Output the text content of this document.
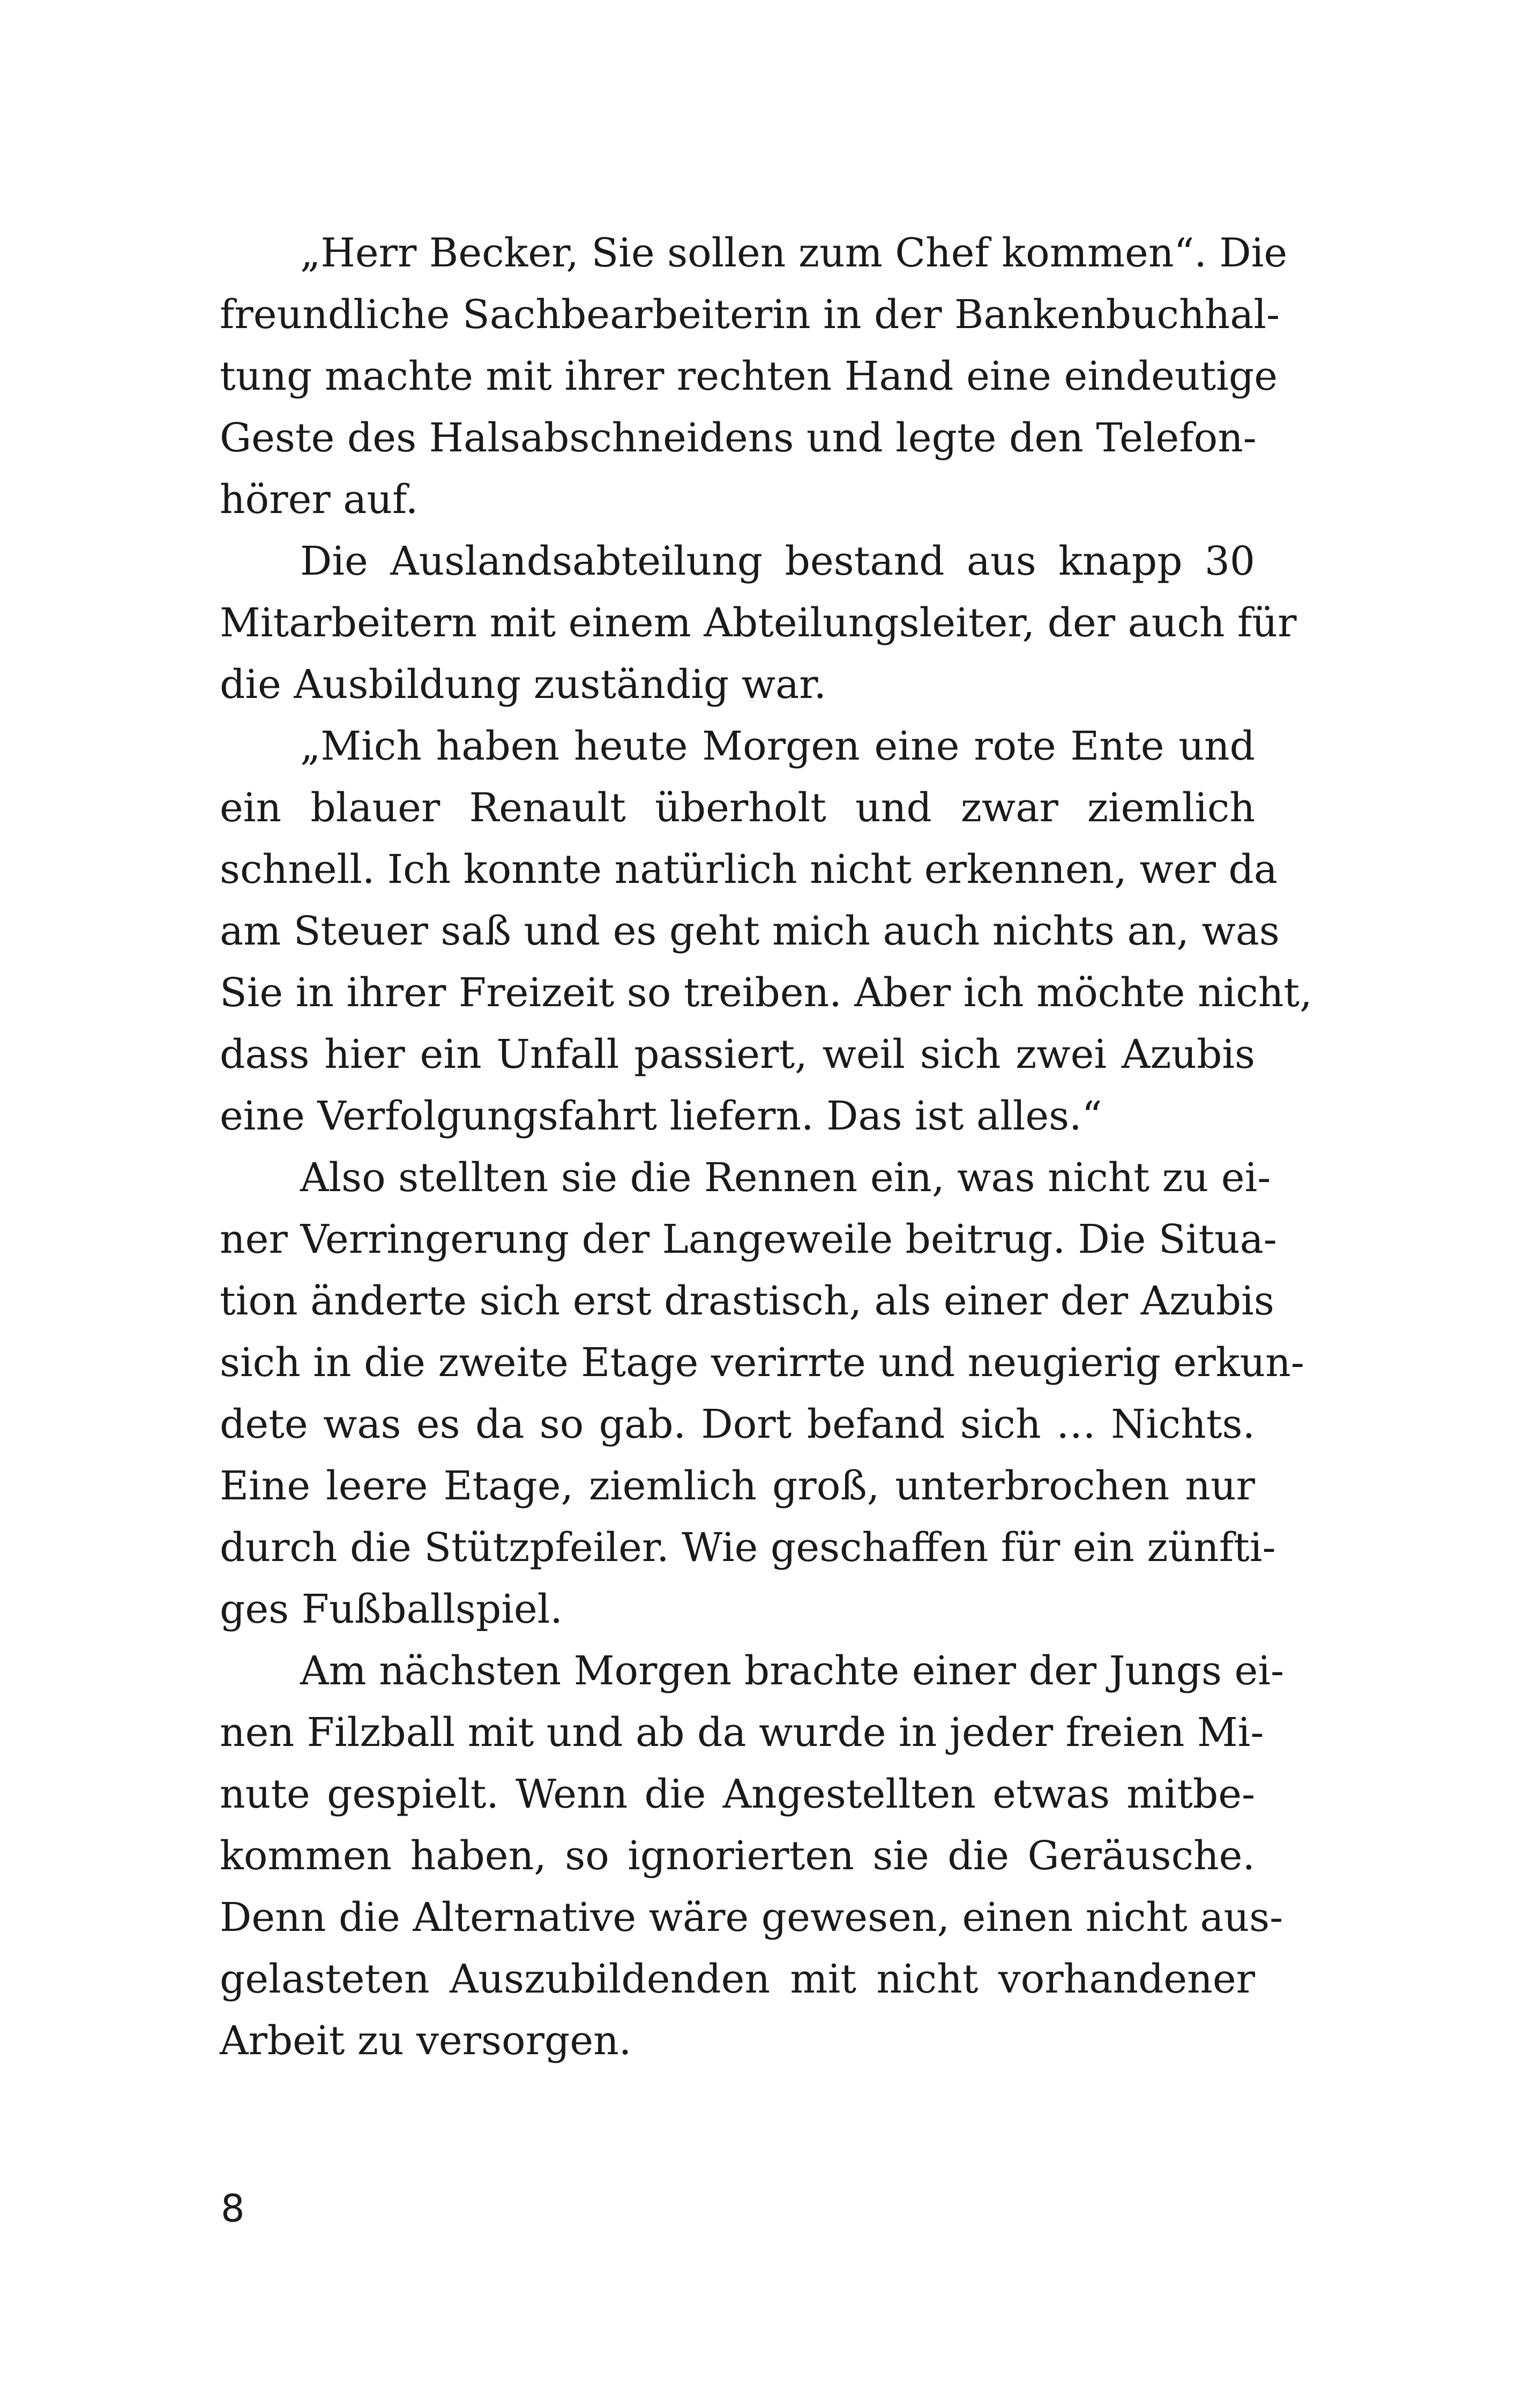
„Herr Becker, Sie sollen zum Chef kommen“. Die
freundliche Sachbearbeiterin in der Bankenbuchhal-
tung machte mit ihrer rechten Hand eine eindeutige
Geste des Halsabschneidens und legte den Telefon-
hörer auf.
Die Auslandsabteilung bestand aus knapp 30
Mitarbeitern mit einem Abteilungsleiter, der auch für
die Ausbildung zuständig war.
„Mich haben heute Morgen eine rote Ente und
ein blauer Renault überholt und zwar ziemlich
schnell. Ich konnte natürlich nicht erkennen, wer da
am Steuer saß und es geht mich auch nichts an, was
Sie in ihrer Freizeit so treiben. Aber ich möchte nicht,
dass hier ein Unfall passiert, weil sich zwei Azubis
eine Verfolgungsfahrt liefern. Das ist alles.“
Also stellten sie die Rennen ein, was nicht zu ei-
ner Verringerung der Langeweile beitrug. Die Situa-
tion änderte sich erst drastisch, als einer der Azubis
sich in die zweite Etage verirrte und neugierig erkun-
dete was es da so gab. Dort befand sich … Nichts.
Eine leere Etage, ziemlich groß, unterbrochen nur
durch die Stützpfeiler. Wie geschaffen für ein zünfti-
ges Fußballspiel.
Am nächsten Morgen brachte einer der Jungs ei-
nen Filzball mit und ab da wurde in jeder freien Mi-
nute gespielt. Wenn die Angestellten etwas mitbe-
kommen haben, so ignorierten sie die Geräusche.
Denn die Alternative wäre gewesen, einen nicht aus-
gelasteten Auszubildenden mit nicht vorhandener
Arbeit zu versorgen.
8
